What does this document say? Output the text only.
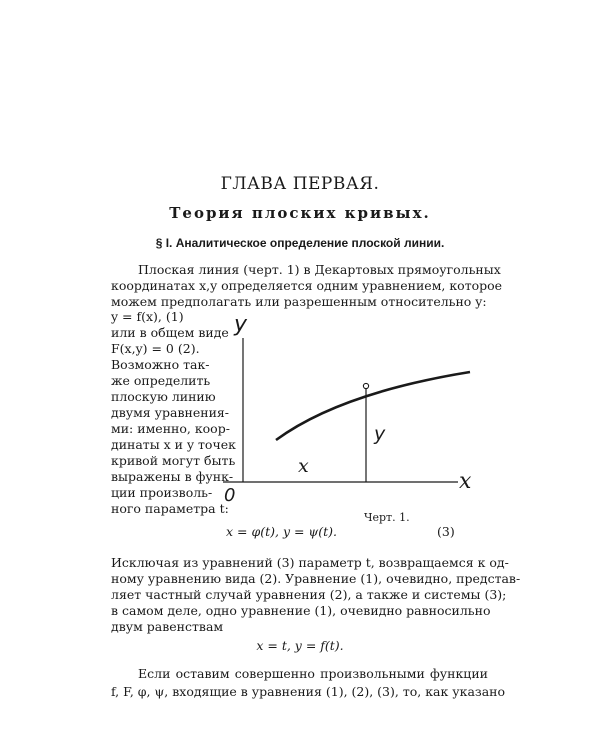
ГЛАВА ПЕРВАЯ.
Теория плоских кривых.
§ I. Аналитическое определение плоской линии.
Плоская линия (черт. 1) в Декартовых прямоугольных
координатах x,y определяется одним уравнением, которое
можем предполагать или разрешенным относительно y:
y = f(x), (1)
или в общем виде
F(x,y) = 0 (2).
Возможно так-
же определить
плоскую линию
двумя уравнения-
ми: именно, коор-
динаты x и y точек
кривой могут быть
выражены в функ-
ции произволь-
ного параметра t:
y
x
0
x
y
Черт. 1.
x = φ(t), y = ψ(t).	(3)
Исключая из уравнений (3) параметр t, возвращаемся к од-
ному уравнению вида (2). Уравнение (1), очевидно, представ-
ляет частный случай уравнения (2), а также и системы (3);
в самом деле, одно уравнение (1), очевидно равносильно
двум равенствам
x = t, y = f(t).
Если оставим совершенно произвольными функции
f, F, φ, ψ, входящие в уравнения (1), (2), (3), то, как указано
